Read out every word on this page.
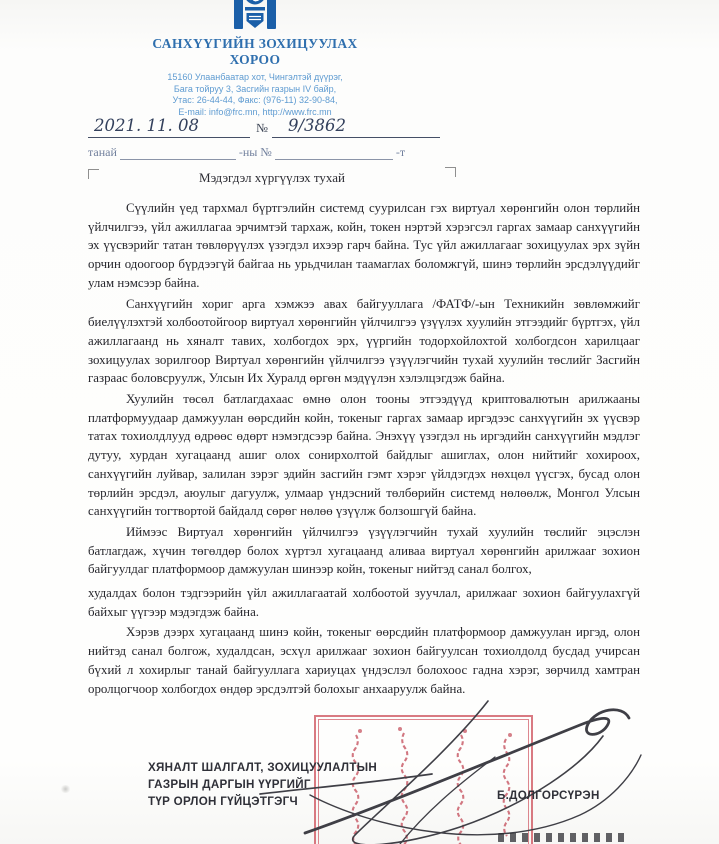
САНХҮҮГИЙН ЗОХИЦУУЛАХ
ХОРОО
15160 Улаанбаатар хот, Чингэлтэй дүүрэг,
Бага тойруу 3, Засгийн газрын IV байр,
Утас: 26-44-44, Факс: (976-11) 32-90-84,
E-mail: info@frc.mn, http://www.frc.mn
2021. 11. 08	№	9/3862
танай	-ны №	-т
Мэдэгдэл хүргүүлэх тухай

Сүүлийн үед тархмал бүртгэлийн системд суурилсан гэх виртуал хөрөнгийн олон төрлийн үйлчилгээ, үйл ажиллагаа эрчимтэй тархаж, койн, токен нэртэй хэрэгсэл гаргах замаар санхүүгийн эх үүсвэрийг татан төвлөрүүлэх үзэгдэл ихээр гарч байна. Тус үйл ажиллагааг зохицуулах эрх зүйн орчин одоогоор бүрдээгүй байгаа нь урьдчилан таамаглах боломжгүй, шинэ төрлийн эрсдэлүүдийг улам нэмсээр байна.

Санхүүгийн хориг арга хэмжээ авах байгууллага /ФАТФ/-ын Техникийн зөвлөмжийг биелүүлэхтэй холбоотойгоор виртуал хөрөнгийн үйлчилгээ үзүүлэх хуулийн этгээдийг бүртгэх, үйл ажиллагаанд нь хяналт тавих, холбогдох эрх, үүргийн тодорхойлохтой холбогдсон харилцааг зохицуулах зорилгоор Виртуал хөрөнгийн үйлчилгээ үзүүлэгчийн тухай хуулийн төслийг Засгийн газраас боловсруулж, Улсын Их Хуралд өргөн мэдүүлэн хэлэлцэгдэж байна.

Хуулийн төсөл батлагдахаас өмнө олон тооны этгээдүүд криптовалютын арилжааны платформуудаар дамжуулан өөрсдийн койн, токеныг гаргах замаар иргэдээс санхүүгийн эх үүсвэр татах тохиолдлууд өдрөөс өдөрт нэмэгдсээр байна. Энэхүү үзэгдэл нь иргэдийн санхүүгийн мэдлэг дутуу, хурдан хугацаанд ашиг олох сонирхолтой байдлыг ашиглах, олон нийтийг хохироох, санхүүгийн луйвар, залилан зэрэг эдийн засгийн гэмт хэрэг үйлдэгдэх нөхцөл үүсгэх, бусад олон төрлийн эрсдэл, аюулыг дагуулж, улмаар үндэсний төлбөрийн системд нөлөөлж, Монгол Улсын санхүүгийн тогтвортой байдалд сөрөг нөлөө үзүүлж болзошгүй байна.

Иймээс Виртуал хөрөнгийн үйлчилгээ үзүүлэгчийн тухай хуулийн төслийг эцэслэн батлагдаж, хүчин төгөлдөр болох хүртэл хугацаанд аливаа виртуал хөрөнгийн арилжааг зохион байгуулдаг платформоор дамжуулан шинээр койн, токеныг нийтэд санал болгох,

худалдах болон тэдгээрийн үйл ажиллагаатай холбоотой зуучлал, арилжааг зохион байгуулахгүй байхыг үүгээр мэдэгдэж байна.

Хэрэв дээрх хугацаанд шинэ койн, токеныг өөрсдийн платформоор дамжуулан иргэд, олон нийтэд санал болгож, худалдсан, эсхүл арилжааг зохион байгуулсан тохиолдолд бусдад учирсан бүхий л хохирлыг танай байгууллага хариуцах үндэслэл болохоос гадна хэрэг, зөрчилд хамтран оролцогчоор холбогдох өндөр эрсдэлтэй болохыг анхааруулж байна.

ХЯНАЛТ ШАЛГАЛТ, ЗОХИЦУУЛАЛТЫН
ГАЗРЫН ДАРГЫН ҮҮРГИЙГ
ТҮР ОРЛОН ГҮЙЦЭТГЭГЧ	Б.ДОЛГОРСҮРЭН
